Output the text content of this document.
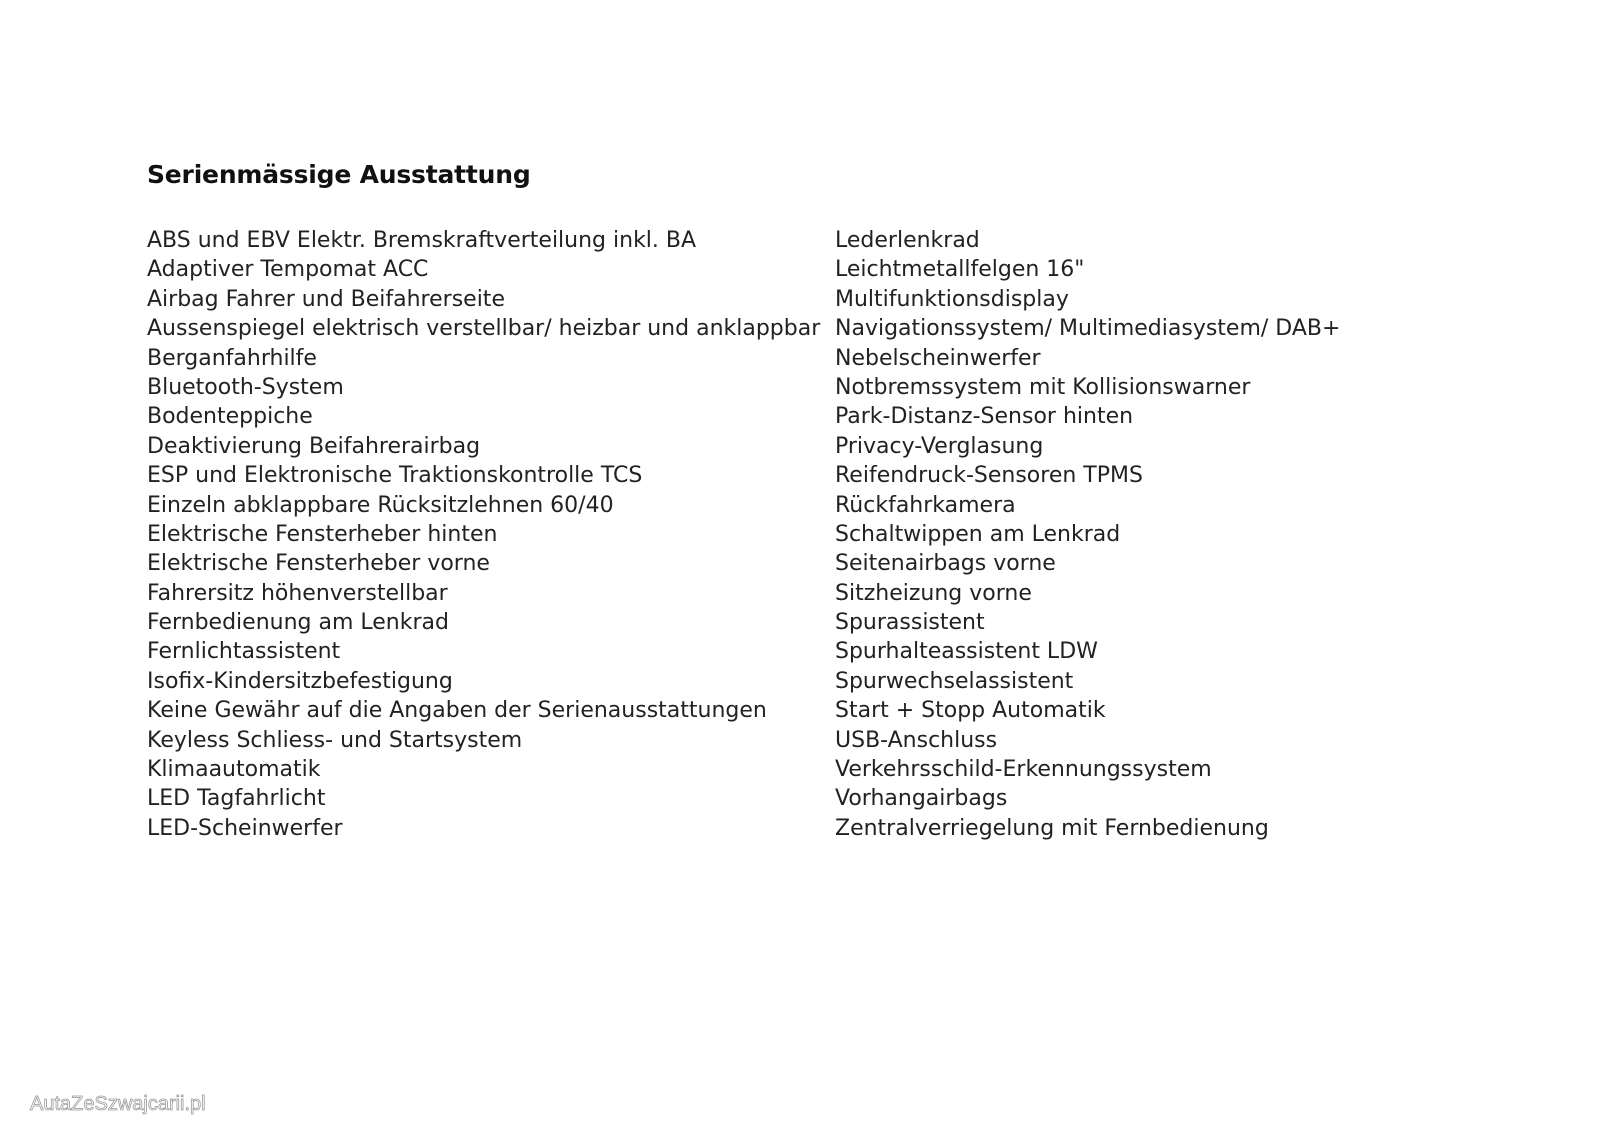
Serienmässige Ausstattung
ABS und EBV Elektr. Bremskraftverteilung inkl. BA
Adaptiver Tempomat ACC
Airbag Fahrer und Beifahrerseite
Aussenspiegel elektrisch verstellbar/ heizbar und anklappbar
Berganfahrhilfe
Bluetooth-System
Bodenteppiche
Deaktivierung Beifahrerairbag
ESP und Elektronische Traktionskontrolle TCS
Einzeln abklappbare Rücksitzlehnen 60/40
Elektrische Fensterheber hinten
Elektrische Fensterheber vorne
Fahrersitz höhenverstellbar
Fernbedienung am Lenkrad
Fernlichtassistent
Isofix-Kindersitzbefestigung
Keine Gewähr auf die Angaben der Serienausstattungen
Keyless Schliess- und Startsystem
Klimaautomatik
LED Tagfahrlicht
LED-Scheinwerfer
Lederlenkrad
Leichtmetallfelgen 16"
Multifunktionsdisplay
Navigationssystem/ Multimediasystem/ DAB+
Nebelscheinwerfer
Notbremssystem mit Kollisionswarner
Park-Distanz-Sensor hinten
Privacy-Verglasung
Reifendruck-Sensoren TPMS
Rückfahrkamera
Schaltwippen am Lenkrad
Seitenairbags vorne
Sitzheizung vorne
Spurassistent
Spurhalteassistent LDW
Spurwechselassistent
Start + Stopp Automatik
USB-Anschluss
Verkehrsschild-Erkennungssystem
Vorhangairbags
Zentralverriegelung mit Fernbedienung
AutaZeSzwajcarii.pl
